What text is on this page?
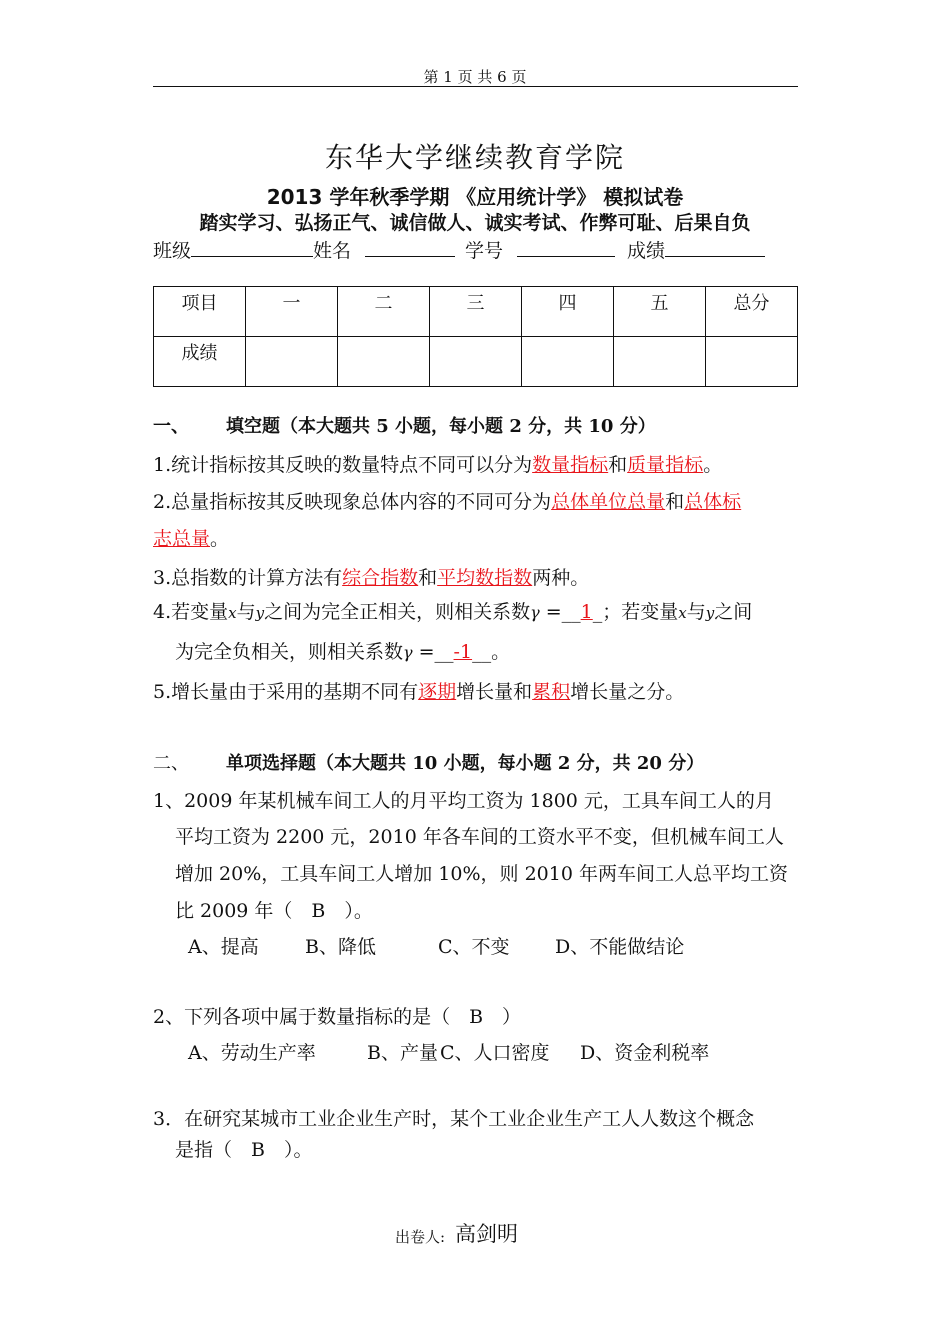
第 1 页 共 6 页
东华大学继续教育学院
2013 学年秋季学期 《应用统计学》 模拟试卷
踏实学习、弘扬正气、诚信做人、诚实考试、作弊可耻、后果自负
班级	姓名	学号	成绩
项目	一	二	三	四	五	总分
成绩						
一、 填空题（本大题共 5 小题，每小题 2 分，共 10 分）
1.统计指标按其反映的数量特点不同可以分为数量指标和质量指标。
2.总量指标按其反映现象总体内容的不同可分为总体单位总量和总体标
志总量。
3.总指数的计算方法有综合指数和平均数指数两种。
4.若变量x与y之间为完全正相关，则相关系数γ =__1_；若变量x与y之间
为完全负相关，则相关系数γ =__-1__。
5.增长量由于采用的基期不同有逐期增长量和累积增长量之分。
二、 单项选择题（本大题共 10 小题，每小题 2 分，共 20 分）
1、2009 年某机械车间工人的月平均工资为 1800 元，工具车间工人的月
平均工资为 2200 元，2010 年各车间的工资水平不变，但机械车间工人
增加 20%，工具车间工人增加 10%，则 2010 年两车间工人总平均工资
比 2009 年（　B　）。
A、提高 B、降低	C、不变 D、不能做结论
2、下列各项中属于数量指标的是（　B　）
A、劳动生产率	B、产量 C、人口密度 D、资金利税率
3．在研究某城市工业企业生产时，某个工业企业生产工人人数这个概念
是指（　B　）。
出卷人: 高剑明
